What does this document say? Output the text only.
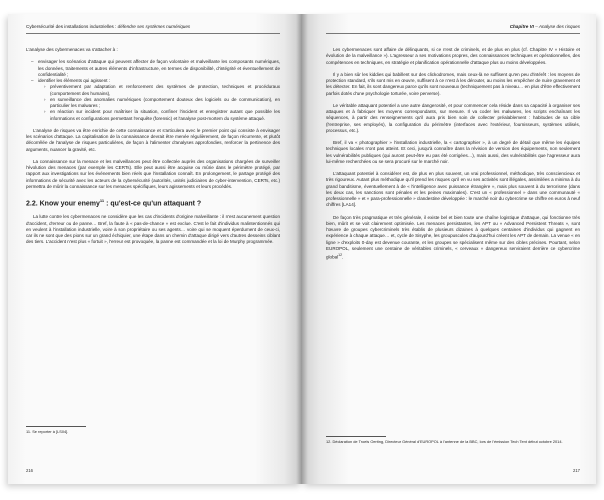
Cybersécurité des installations industrielles : défendre ses systèmes numériques

L'analyse des cybermenaces va s'attacher à :

– envisager les scénarios d'attaque qui peuvent affecter de façon volontaire et malveillante les composants numériques, les données, traitements et autres éléments d'infrastructure, en termes de disponibilité, d'intégrité et éventuellement de confidentialité ;
– identifier les éléments qui agissent :
› préventivement par adaptation et renforcement des systèmes de protection, techniques et procéduraux (comportement des humains),
› en surveillance des anomalies numériques (comportement douteux des logiciels ou de communication), en particulier les malwares ;
› en réaction sur incident pour maîtriser la situation, confiner l'incident et enregistrer autant que possible les informations et configurations permettant l'enquête (forensic) et l'analyse post-mortem du système attaqué.

L'analyse de risques va être enrichie de cette connaissance et s'articulera avec le premier point qui consiste à envisager les scénarios d'attaque. La capitalisation de la connaissance devrait être menée régulièrement, de façon récurrente, et plutôt décorrélée de l'analyse de risques particulières, de façon à l'alimenter d'analyses approfondies, renforcer la pertinence des arguments, nuancer la gravité, etc.

La connaissance sur la menace et les malveillances peut être collectée auprès des organisations chargées de surveiller l'évolution des menaces (par exemple les CERTs). Elle peut aussi être acquise ou mûrie dans le périmètre protégé, par rapport aux investigations sur les événements bien réels que l'installation connaît. En prolongement, le partage protégé des informations de sécurité avec les acteurs de la cybersécurité (autorités, unités judiciaires de cyber-intervention, CERTs, etc.) permettra de mûrir la connaissance sur les menaces spécifiques, leurs agissements et leurs procédés.

2.2. Know your enemy$^{11}$ : qu'est-ce qu'un attaquant ?

La lutte contre les cybermenaces ne considère que les cas d'incidents d'origine malveillante : il n'est aucunement question d'accident, d'erreur ou de panne… Bref, la faute à « pas-de-chance » est exclue. C'est le fait d'individus malintentionnés qui en veulent à l'installation industrielle, voire à son propriétaire ou ses agents… voire qui se moquent éperdument de ceux-ci, car ils ne sont que des pions sur un grand échiquier, une étape dans un chemin d'attaque dirigé vers d'autres desseins ciblant des tiers. L'accident n'est plus « fortuit », l'erreur est provoquée, la panne est commandée et la loi de Murphy programmée.

11. Se reporter à [LS04].

216
Chapitre VI – Analyse des risques

Les cybermenaces sont affaire de délinquants, si ce n'est de criminels, et de plus en plus (cf. Chapitre IV « Histoire et évolution de la malveillance »). L'agresseur a ses motivations propres, des connaissances techniques et opérationnelles, des compétences en techniques, en stratégie et planification opérationnelle d'attaque plus ou moins développées.

Il y a bien sûr les kiddies qui babillent sur des clickodromes, mais ceux-là ne suffisent qu'en peu d'intérêt : les moyens de protection standard, s'ils sont mis en œuvre, suffisent à ce n'est à les dérouter, au moins les empêcher de nuire gravement et les détecter. En fait, ils sont dangereux parce qu'ils sont nouveaux (techniquement pas à niveau… en plus d'être effectivement parfois dotés d'une psychologie torturée, voire perverse).

Le véritable attaquant potentiel a une autre dangerosité, et pour commencer cela réside dans sa capacité à organiser ses attaques et à fabriquer les moyens correspondants, sur mesure. Il va coder les malwares, les scripts enchaînant les séquences, à partir des renseignements qu'il aura pris bien soin de collecter préalablement : habitudes de sa cible (l'entreprise, ses employés), la configuration du périmètre (interfaces avec l'extérieur, fournisseurs, systèmes utilisés, processus, etc.).

Bref, il va « photographier » l'installation industrielle, la « cartographier », à un degré de détail que même les équipes techniques locales n'ont pas atteint. Et ceci, jusqu'à connaître dans la révision de version des équipements, non seulement les vulnérabilités publiques (qui auront peut-être eu pas été corrigées…), mais aussi, des vulnérabilités que l'agresseur aura lui-même recherchées ou se sera procuré sur le marché noir.

L'attaquant potentiel à considérer est, de plus en plus souvent, un vrai professionnel, méthodique, très consciencieux et très rigoureux. Autant plus méthodique qu'il prend les risques qu'il en vu ses activités sont illégales, assimilées a minima à du grand banditisme, éventuellement à de « l'intelligence avec puissance étrangère », mais plus souvent à du terrorisme (dans les deux cas, les sanctions sont pénales et les peines maximales). C'est un « professionnel » dans une communauté « professionnelle » et « para-professionnelle » clandestine développée : le marché noir du cybercrime se chiffre en euros à neuf chiffres [LA14].

De façon très pragmatique et très générale, il existe bel et bien toute une chaîne logistique d'attaque, qui fonctionne très bien, mûrit et se voit clairement optimisée. Les menaces persistantes, les APT ou « Advanced Persistent Threats », sont l'œuvre de groupes cybercriminels très établis de plusieurs dizaines à quelques centaines d'individus qui gagnent en expérience à chaque attaque… et, cycle de Sisyphe, les groupuscules d'aujourd'hui créent les APT de demain. La venue « en ligne » d'exploits 0-day est devenue courante, et les groupes se spécialisent même sur des cibles précises. Pourtant, selon EUROPOL, seulement une centaine de véritables criminels, « cerveaux » dangereux serviraient derrière ce cybercrime global$^{12}$.

12. Déclaration de Troels Oerting, Directeur Général d'EUROPOL à l'antenne de la BBC, lors de l'émission Tech Tent début octobre 2014.

217
